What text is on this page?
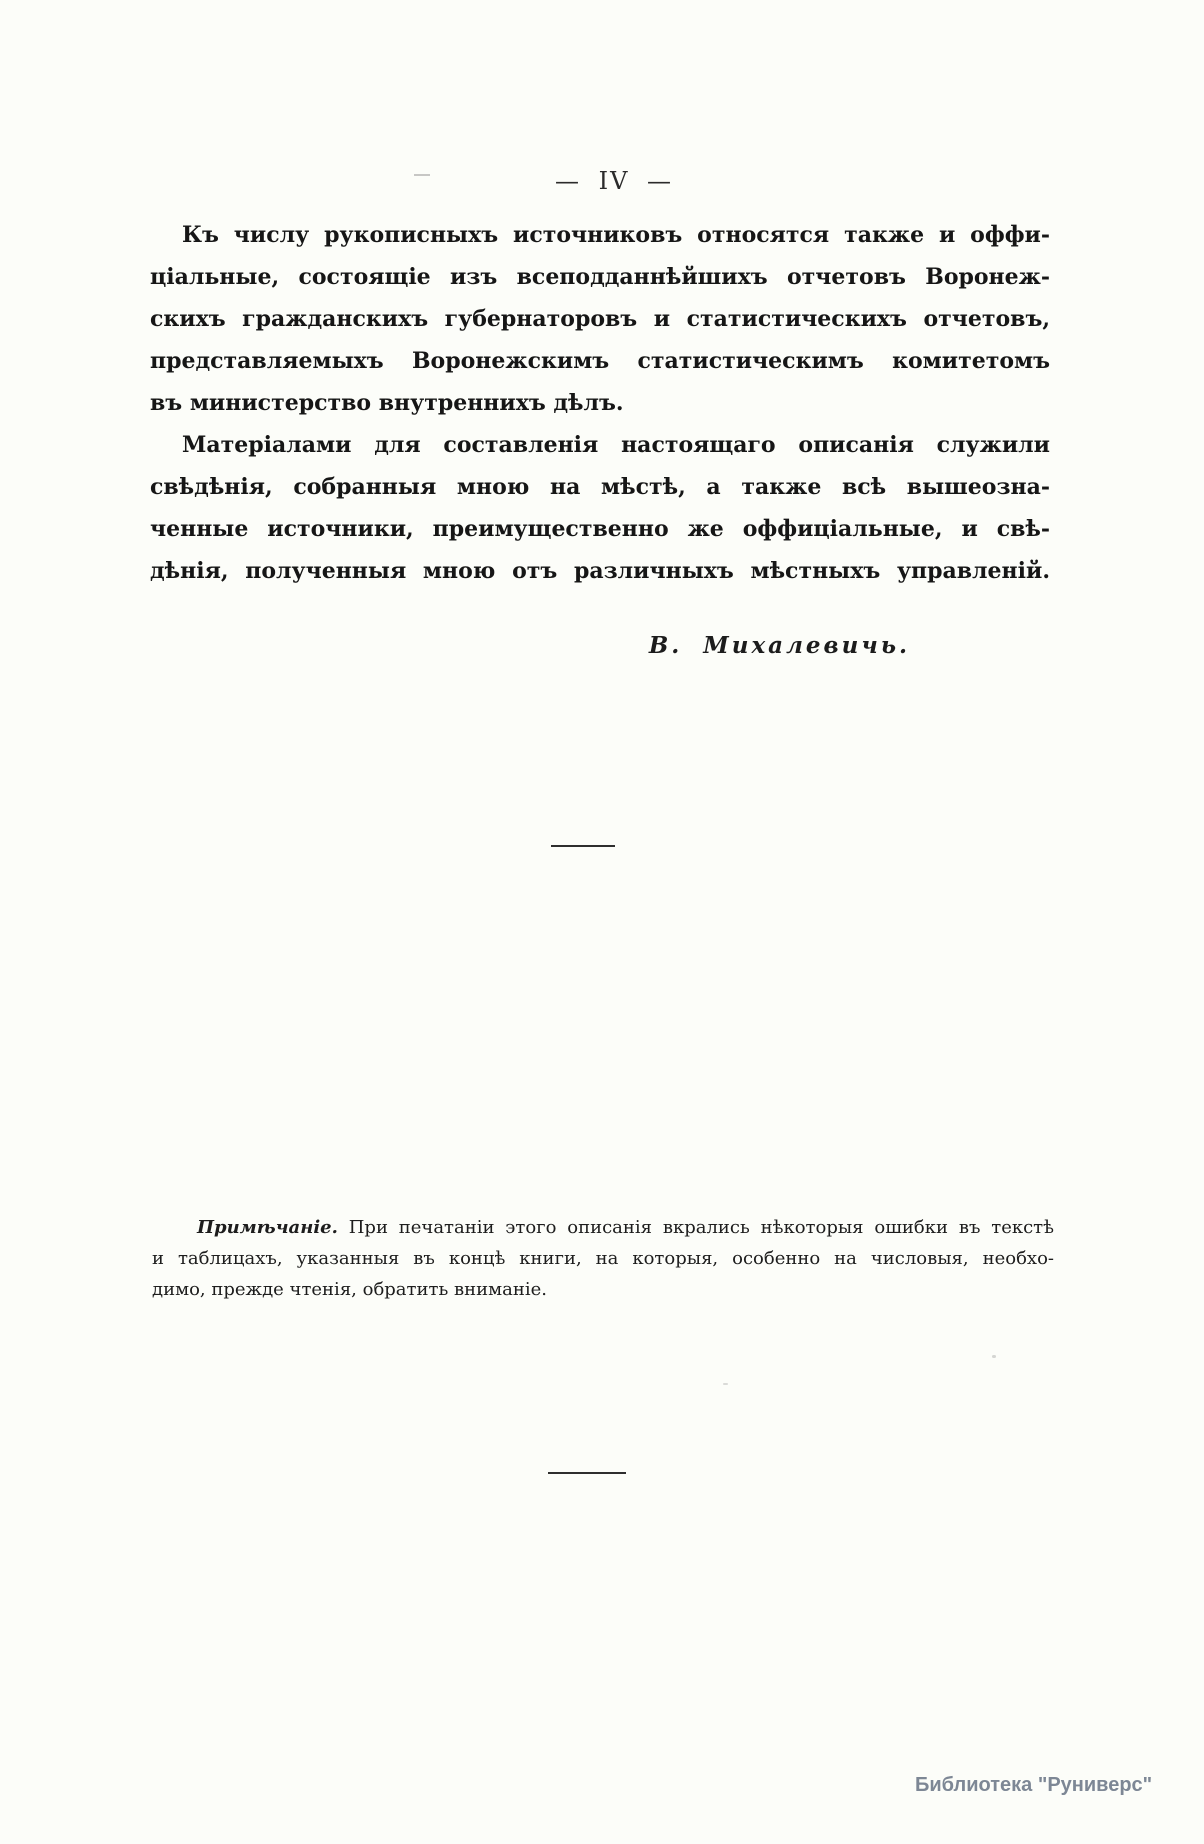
— IV —
Къ числу рукописныхъ источниковъ относятся также и оффи-
ціальные, состоящіе изъ всеподданнѣйшихъ отчетовъ Воронеж-
скихъ гражданскихъ губернаторовъ и статистическихъ отчетовъ,
представляемыхъ Воронежскимъ статистическимъ комитетомъ
въ министерство внутреннихъ дѣлъ.
Матеріалами для составленія настоящаго описанія служили
свѣдѣнія, собранныя мною на мѣстѣ, а также всѣ вышеозна-
ченные источники, преимущественно же оффиціальные, и свѣ-
дѣнія, полученныя мною отъ различныхъ мѣстныхъ управленій.
В. Михалевичь.
Примѣчаніе. При печатаніи этого описанія вкрались нѣкоторыя ошибки въ текстѣ
и таблицахъ, указанныя въ концѣ книги, на которыя, особенно на числовыя, необхо-
димо, прежде чтенія, обратить вниманіе.
Библиотека "Руниверс"
